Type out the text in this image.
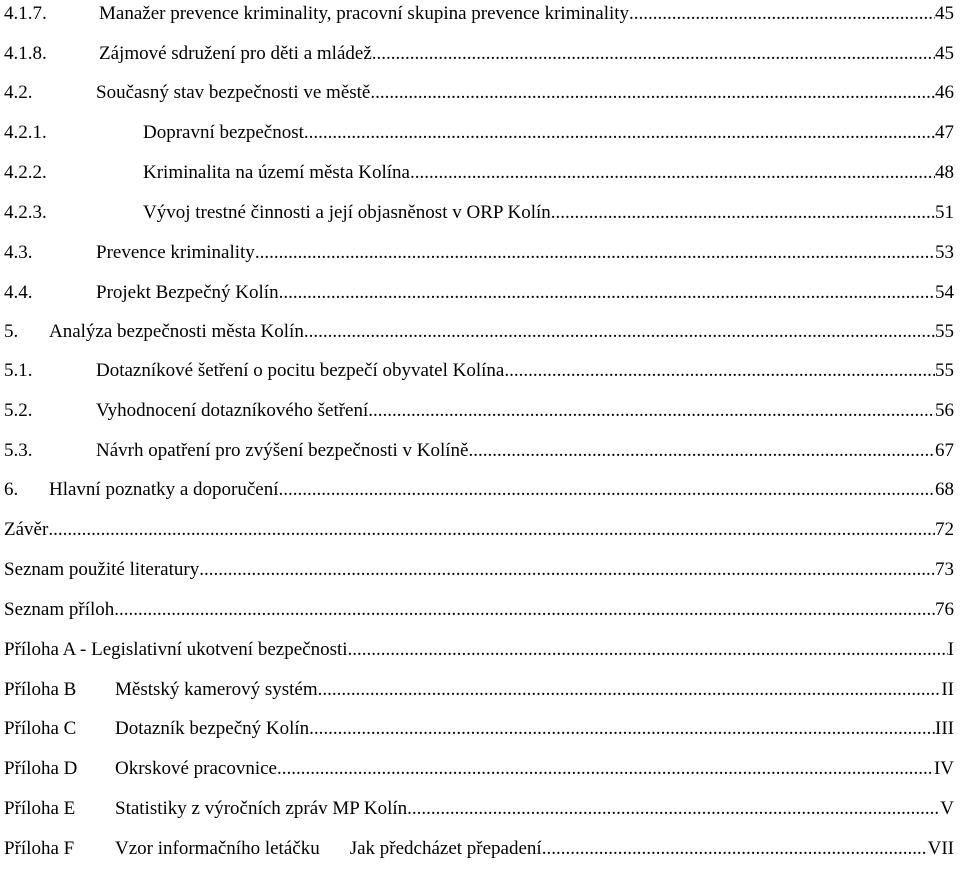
4.1.7.	Manažer prevence kriminality, pracovní skupina prevence kriminality .....	45
4.1.8.	Zájmové sdružení pro děti a mládež .....	45
4.2.	Současný stav bezpečnosti ve městě .....	46
4.2.1.	Dopravní bezpečnost .....	47
4.2.2.	Kriminalita na území města Kolína .....	48
4.2.3.	Vývoj trestné činnosti a její objasněnost v ORP Kolín .....	51
4.3.	Prevence kriminality .....	53
4.4.	Projekt Bezpečný Kolín .....	54
5.	Analýza bezpečnosti města Kolín .....	55
5.1.	Dotazníkové šetření o pocitu bezpečí obyvatel Kolína .....	55
5.2.	Vyhodnocení dotazníkového šetření .....	56
5.3.	Návrh opatření pro zvýšení bezpečnosti v Kolíně .....	67
6.	Hlavní poznatky a doporučení .....	68
Závěr .....	72
Seznam použité literatury .....	73
Seznam příloh .....	76
Příloha A - Legislativní ukotvení bezpečnosti .....	I
Příloha B	Městský kamerový systém .....	II
Příloha C	Dotazník bezpečný Kolín .....	III
Příloha D	Okrskové pracovnice .....	IV
Příloha E	Statistiky z výročních zpráv MP Kolín .....	V
Příloha F	Vzor informačního letáčku Jak předcházet přepadení .....	VII
